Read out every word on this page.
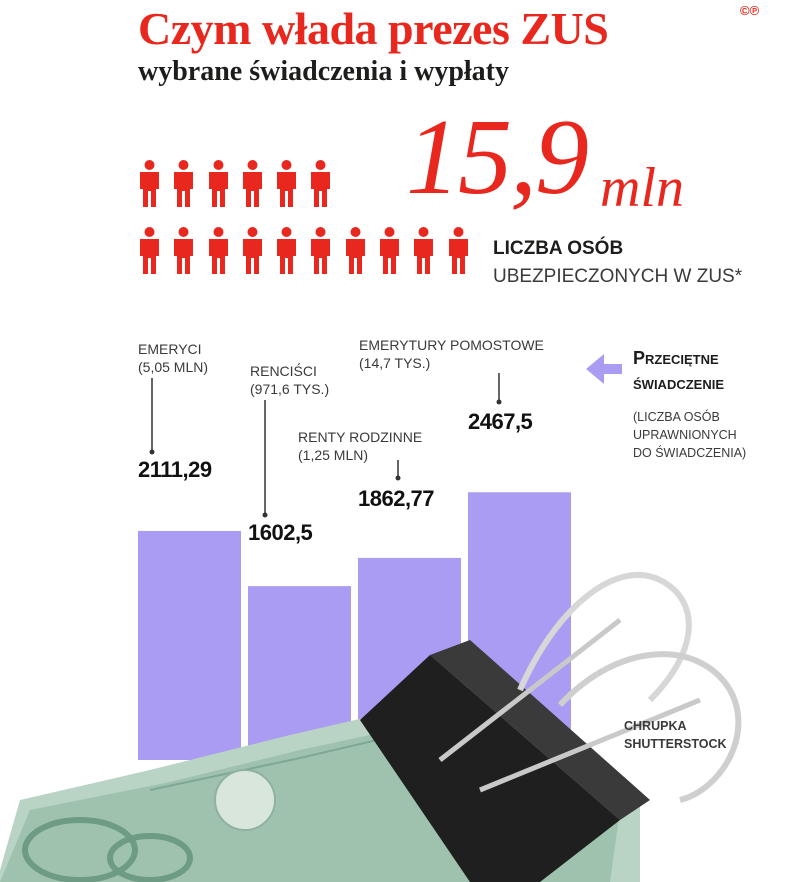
Czym włada prezes ZUS
wybrane świadczenia i wypłaty
©℗
15,9 mln
LICZBA OSÓB
UBEZPIECZONYCH W ZUS*
EMERYCI
(5,05 MLN)	RENCIŚCI
(971,6 TYS.)
RENTY RODZINNE
(1,25 MLN)
EMERYTURY POMOSTOWE
(14,7 TYS.)
2111,29
1602,5
1862,77
2467,5
Przeciętne
świadczenie
(LICZBA OSÓB
UPRAWNIONYCH
DO ŚWIADCZENIA)
CHRUPKA
SHUTTERSTOCK
